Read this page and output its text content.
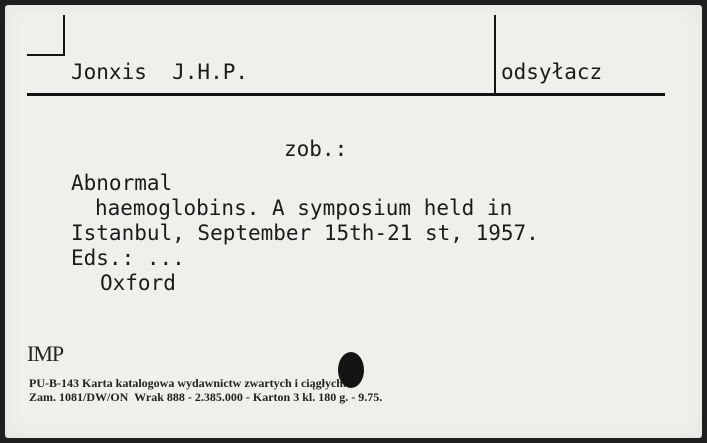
Jonxis  J.H.P.	odsyłacz
zob.:
Abnormal
haemoglobins. A symposium held in
Istanbul, September 15th-21 st, 1957.
Eds.: ...
Oxford
IMP
PU-B-143 Karta katalogowa wydawnictw zwartych i ciągłych.
Zam. 1081/DW/ON  Wrak 888 - 2.385.000 - Karton 3 kl. 180 g. - 9.75.
